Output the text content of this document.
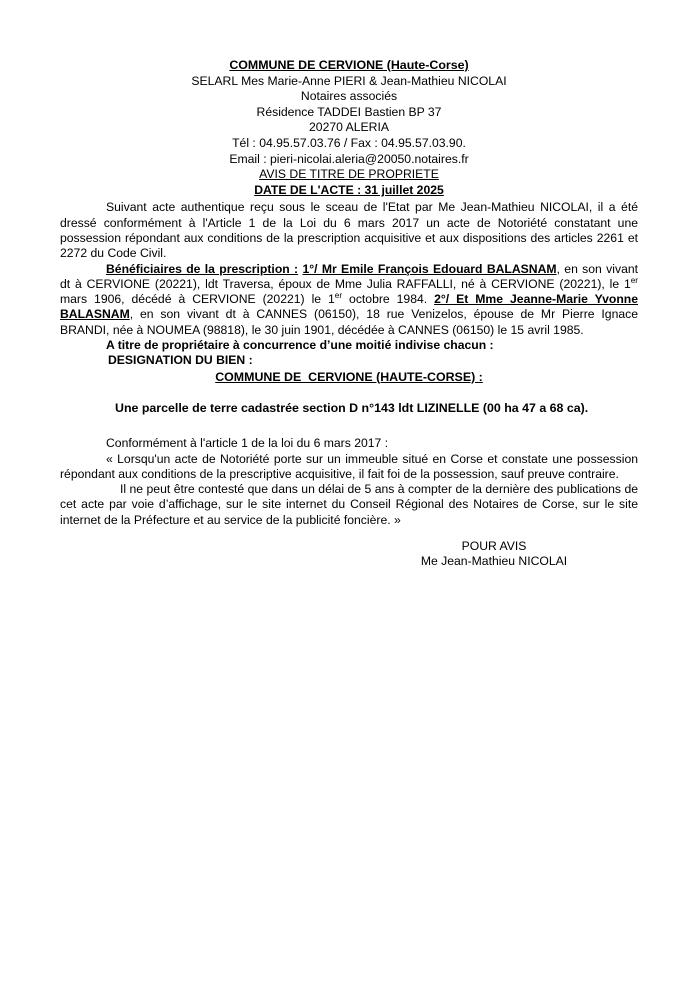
COMMUNE DE CERVIONE (Haute-Corse)
SELARL Mes Marie-Anne PIERI & Jean-Mathieu NICOLAI
Notaires associés
Résidence TADDEI Bastien BP 37
20270 ALERIA
Tél : 04.95.57.03.76 / Fax : 04.95.57.03.90.
Email : pieri-nicolai.aleria@20050.notaires.fr
AVIS DE TITRE DE PROPRIETE
DATE DE L'ACTE : 31 juillet 2025

Suivant acte authentique reçu sous le sceau de l'Etat par Me Jean-Mathieu NICOLAI, il a été dressé conformément à l'Article 1 de la Loi du 6 mars 2017 un acte de Notoriété constatant une possession répondant aux conditions de la prescription acquisitive et aux dispositions des articles 2261 et 2272 du Code Civil.

Bénéficiaires de la prescription : 1°/ Mr Emile François Edouard BALASNAM, en son vivant dt à CERVIONE (20221), ldt Traversa, époux de Mme Julia RAFFALLI, né à CERVIONE (20221), le 1er mars 1906, décédé à CERVIONE (20221) le 1er octobre 1984. 2°/ Et Mme Jeanne-Marie Yvonne BALASNAM, en son vivant dt à CANNES (06150), 18 rue Venizelos, épouse de Mr Pierre Ignace BRANDI, née à NOUMEA (98818), le 30 juin 1901, décédée à CANNES (06150) le 15 avril 1985.

A titre de propriétaire à concurrence d’une moitié indivise chacun :
DESIGNATION DU BIEN :
COMMUNE DE  CERVIONE (HAUTE-CORSE) :
Une parcelle de terre cadastrée section D n°143 ldt LIZINELLE (00 ha 47 a 68 ca).

Conformément à l'article 1 de la loi du 6 mars 2017 :

« Lorsqu'un acte de Notoriété porte sur un immeuble situé en Corse et constate une possession répondant aux conditions de la prescriptive acquisitive, il fait foi de la possession, sauf preuve contraire.

Il ne peut être contesté que dans un délai de 5 ans à compter de la dernière des publications de cet acte par voie d’affichage, sur le site internet du Conseil Régional des Notaires de Corse, sur le site internet de la Préfecture et au service de la publicité foncière. »

POUR AVIS
Me Jean-Mathieu NICOLAI
